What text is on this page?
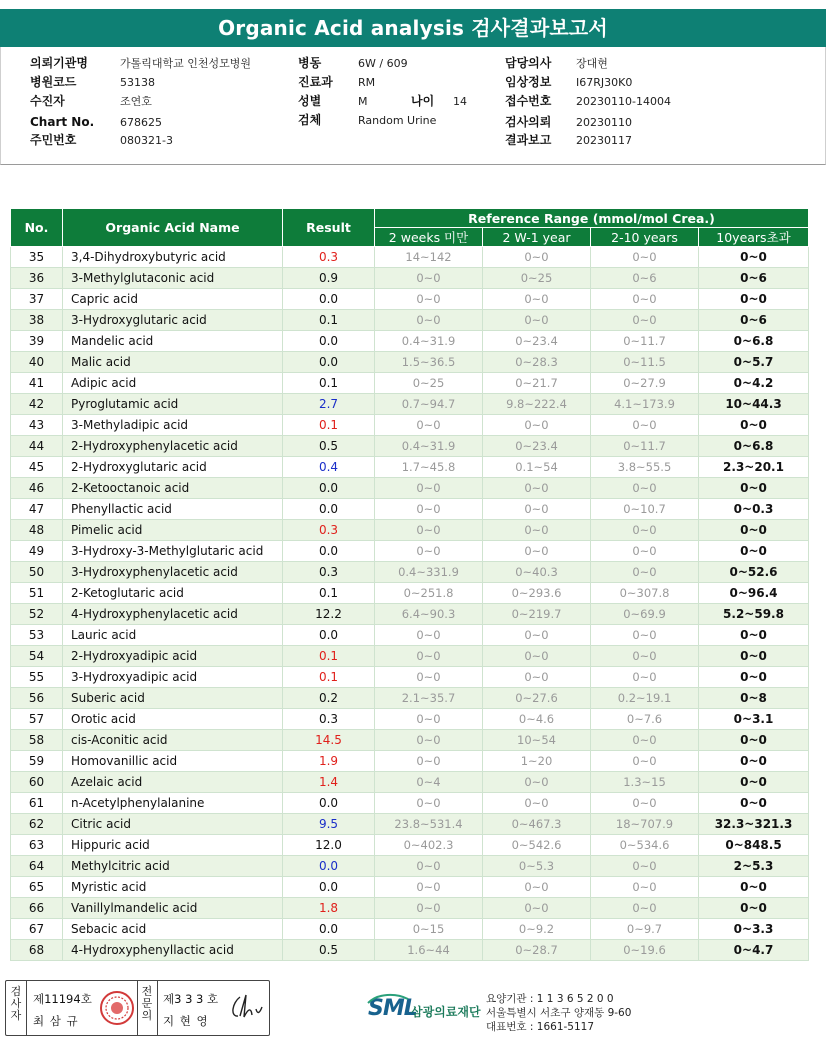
Organic Acid analysis 검사결과보고서
의뢰기관명	가톨릭대학교 인천성모병원
병원코드	53138
수진자	조연호
Chart No. 678625
주민번호	080321-3
병동	6W / 609
진료과 RM
성별	M	나이 14
검체	Random Urine
담당의사 장대현
임상정보 I67RJ30K0
접수번호 20230110-14004
검사의뢰 20230110
결과보고 20230117
No.	Organic Acid Name	Result	Reference Range (mmol/mol Crea.)			
			2 weeks 미만	2 W-1 year	2-10 years	10years초과
35	3,4-Dihydroxybutyric acid	0.3	14~142	0~0	0~0	0~0
36	3-Methylglutaconic acid	0.9	0~0	0~25	0~6	0~6
37	Capric acid	0.0	0~0	0~0	0~0	0~0
38	3-Hydroxyglutaric acid	0.1	0~0	0~0	0~0	0~6
39	Mandelic acid	0.0	0.4~31.9	0~23.4	0~11.7	0~6.8
40	Malic acid	0.0	1.5~36.5	0~28.3	0~11.5	0~5.7
41	Adipic acid	0.1	0~25	0~21.7	0~27.9	0~4.2
42	Pyroglutamic acid	2.7	0.7~94.7	9.8~222.4	4.1~173.9	10~44.3
43	3-Methyladipic acid	0.1	0~0	0~0	0~0	0~0
44	2-Hydroxyphenylacetic acid	0.5	0.4~31.9	0~23.4	0~11.7	0~6.8
45	2-Hydroxyglutaric acid	0.4	1.7~45.8	0.1~54	3.8~55.5	2.3~20.1
46	2-Ketooctanoic acid	0.0	0~0	0~0	0~0	0~0
47	Phenyllactic acid	0.0	0~0	0~0	0~10.7	0~0.3
48	Pimelic acid	0.3	0~0	0~0	0~0	0~0
49	3-Hydroxy-3-Methylglutaric acid	0.0	0~0	0~0	0~0	0~0
50	3-Hydroxyphenylacetic acid	0.3	0.4~331.9	0~40.3	0~0	0~52.6
51	2-Ketoglutaric acid	0.1	0~251.8	0~293.6	0~307.8	0~96.4
52	4-Hydroxyphenylacetic acid	12.2	6.4~90.3	0~219.7	0~69.9	5.2~59.8
53	Lauric acid	0.0	0~0	0~0	0~0	0~0
54	2-Hydroxyadipic acid	0.1	0~0	0~0	0~0	0~0
55	3-Hydroxyadipic acid	0.1	0~0	0~0	0~0	0~0
56	Suberic acid	0.2	2.1~35.7	0~27.6	0.2~19.1	0~8
57	Orotic acid	0.3	0~0	0~4.6	0~7.6	0~3.1
58	cis-Aconitic acid	14.5	0~0	10~54	0~0	0~0
59	Homovanillic acid	1.9	0~0	1~20	0~0	0~0
60	Azelaic acid	1.4	0~4	0~0	1.3~15	0~0
61	n-Acetylphenylalanine	0.0	0~0	0~0	0~0	0~0
62	Citric acid	9.5	23.8~531.4	0~467.3	18~707.9	32.3~321.3
63	Hippuric acid	12.0	0~402.3	0~542.6	0~534.6	0~848.5
64	Methylcitric acid	0.0	0~0	0~5.3	0~0	2~5.3
65	Myristic acid	0.0	0~0	0~0	0~0	0~0
66	Vanillylmandelic acid	1.8	0~0	0~0	0~0	0~0
67	Sebacic acid	0.0	0~15	0~9.2	0~9.7	0~3.3
68	4-Hydroxyphenyllactic acid	0.5	1.6~44	0~28.7	0~19.6	0~4.7
검사자
제11194호
최 삼 규
전문의
제3 3 3 호
지 현 영	SML
삼광의료재단
요양기관 : 1 1 3 6 5 2 0 0
서울특별시 서초구 양재동 9-60
대표번호 : 1661-5117
